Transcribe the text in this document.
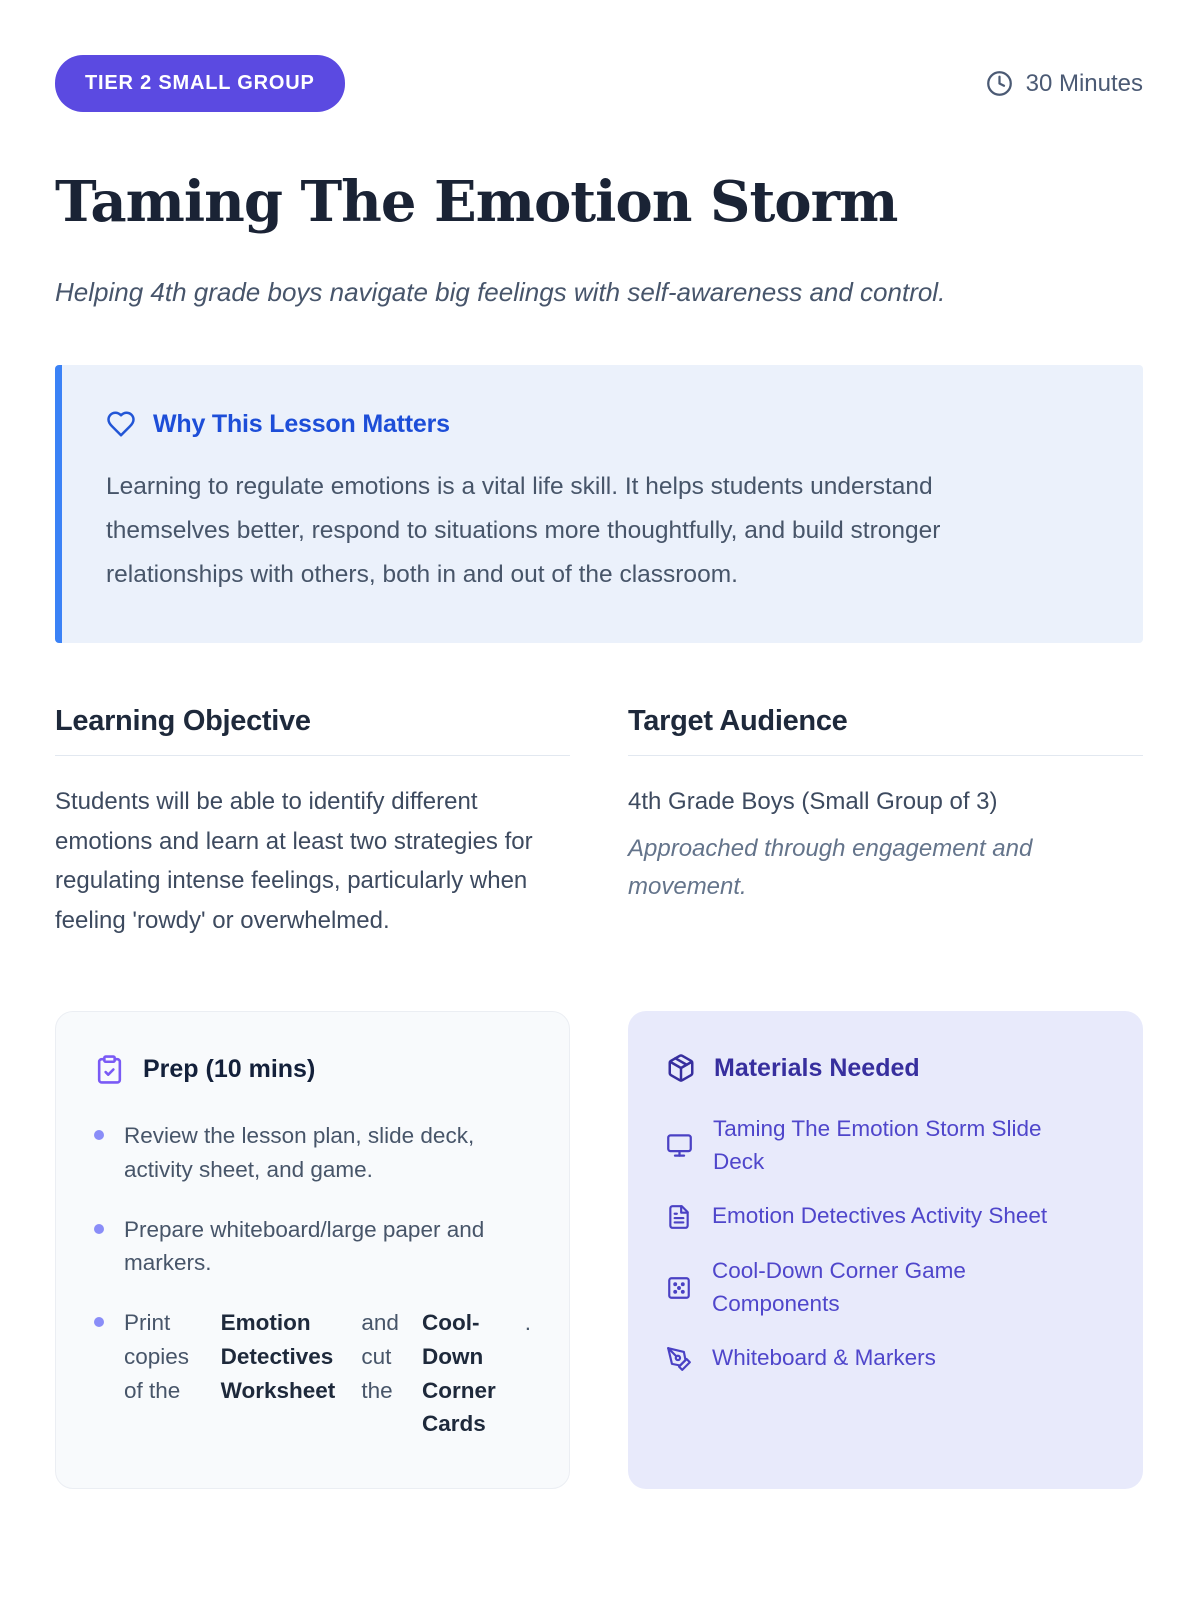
TIER 2 SMALL GROUP	30 Minutes
Taming The Emotion Storm
Helping 4th grade boys navigate big feelings with self-awareness and control.
Why This Lesson Matters
Learning to regulate emotions is a vital life skill. It helps students understand themselves better, respond to situations more thoughtfully, and build stronger relationships with others, both in and out of the classroom.
Learning Objective
Students will be able to identify different emotions and learn at least two strategies for regulating intense feelings, particularly when feeling 'rowdy' or overwhelmed.
Target Audience
4th Grade Boys (Small Group of 3)
Approached through engagement and movement.
Prep (10 mins)
Review the lesson plan, slide deck, activity sheet, and game.
Prepare whiteboard/large paper and markers.
Print copies of the
Emotion Detectives Worksheet
and cut the
Cool-Down Corner Cards
.
Materials Needed
Taming The Emotion Storm Slide Deck
Emotion Detectives Activity Sheet
Cool-Down Corner Game Components
Whiteboard & Markers
